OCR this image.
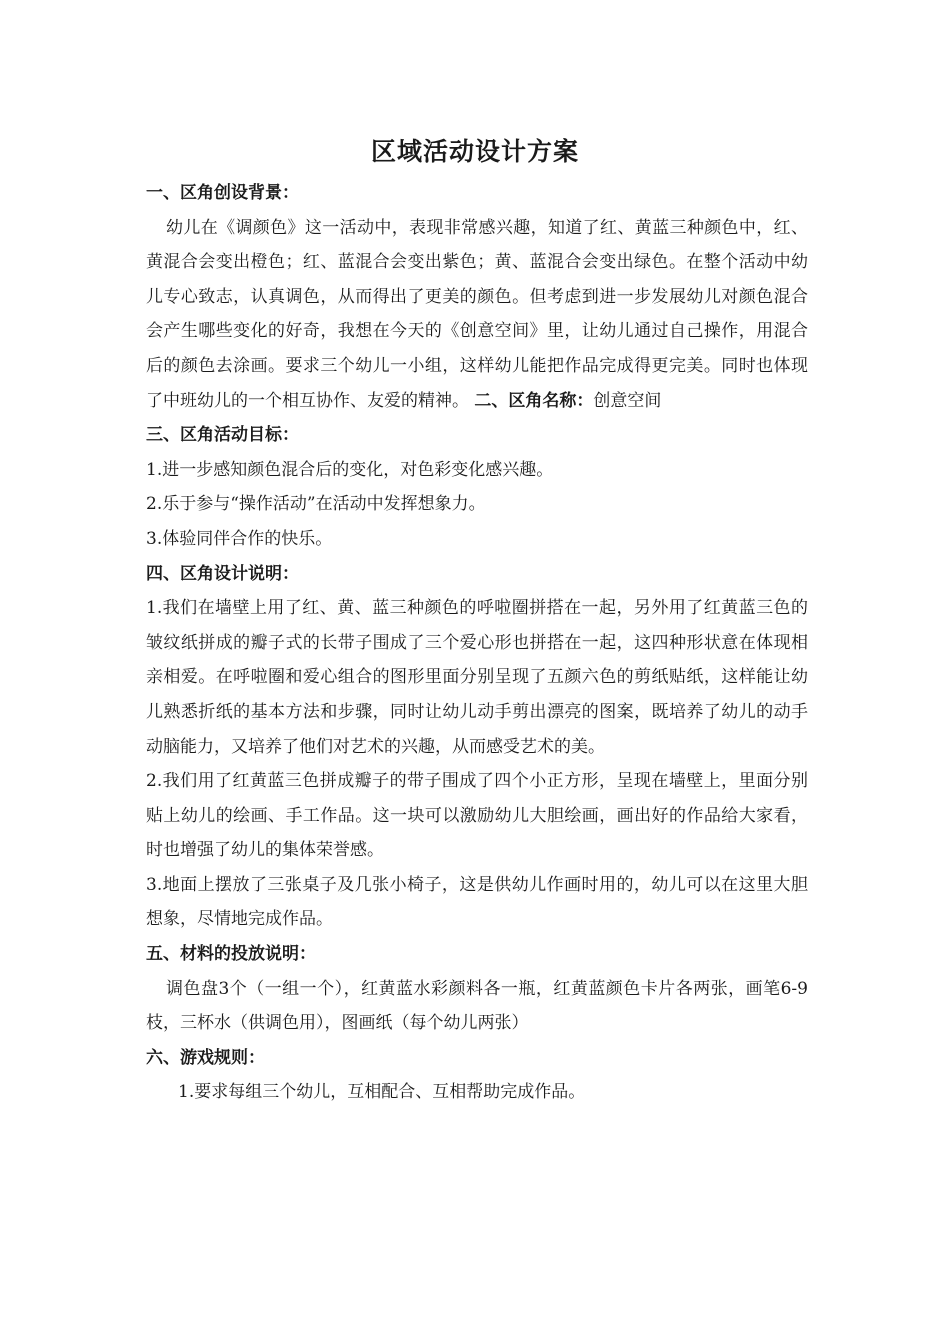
区域活动设计方案

一、区角创设背景：

幼儿在《调颜色》这一活动中，表现非常感兴趣，知道了红、黄蓝三种颜色中，红、黄混合会变出橙色；红、蓝混合会变出紫色；黄、蓝混合会变出绿色。在整个活动中幼儿专心致志，认真调色，从而得出了更美的颜色。但考虑到进一步发展幼儿对颜色混合会产生哪些变化的好奇，我想在今天的《创意空间》里，让幼儿通过自己操作，用混合后的颜色去涂画。要求三个幼儿一小组，这样幼儿能把作品完成得更完美。同时也体现了中班幼儿的一个相互协作、友爱的精神。 二、区角名称：创意空间

三、区角活动目标：

1.进一步感知颜色混合后的变化，对色彩变化感兴趣。

2.乐于参与“操作活动”在活动中发挥想象力。

3.体验同伴合作的快乐。

四、区角设计说明：

1.我们在墙壁上用了红、黄、蓝三种颜色的呼啦圈拼搭在一起，另外用了红黄蓝三色的皱纹纸拼成的瓣子式的长带子围成了三个爱心形也拼搭在一起，这四种形状意在体现相亲相爱。在呼啦圈和爱心组合的图形里面分别呈现了五颜六色的剪纸贴纸，这样能让幼儿熟悉折纸的基本方法和步骤，同时让幼儿动手剪出漂亮的图案，既培养了幼儿的动手动脑能力，又培养了他们对艺术的兴趣，从而感受艺术的美。

2.我们用了红黄蓝三色拼成瓣子的带子围成了四个小正方形，呈现在墙壁上，里面分别贴上幼儿的绘画、手工作品。这一块可以激励幼儿大胆绘画，画出好的作品给大家看，时也增强了幼儿的集体荣誉感。

3.地面上摆放了三张桌子及几张小椅子，这是供幼儿作画时用的，幼儿可以在这里大胆想象，尽情地完成作品。

五、材料的投放说明：

调色盘3个（一组一个），红黄蓝水彩颜料各一瓶，红黄蓝颜色卡片各两张，画笔6-9枝，三杯水（供调色用），图画纸（每个幼儿两张）

六、游戏规则：

1.要求每组三个幼儿，互相配合、互相帮助完成作品。
